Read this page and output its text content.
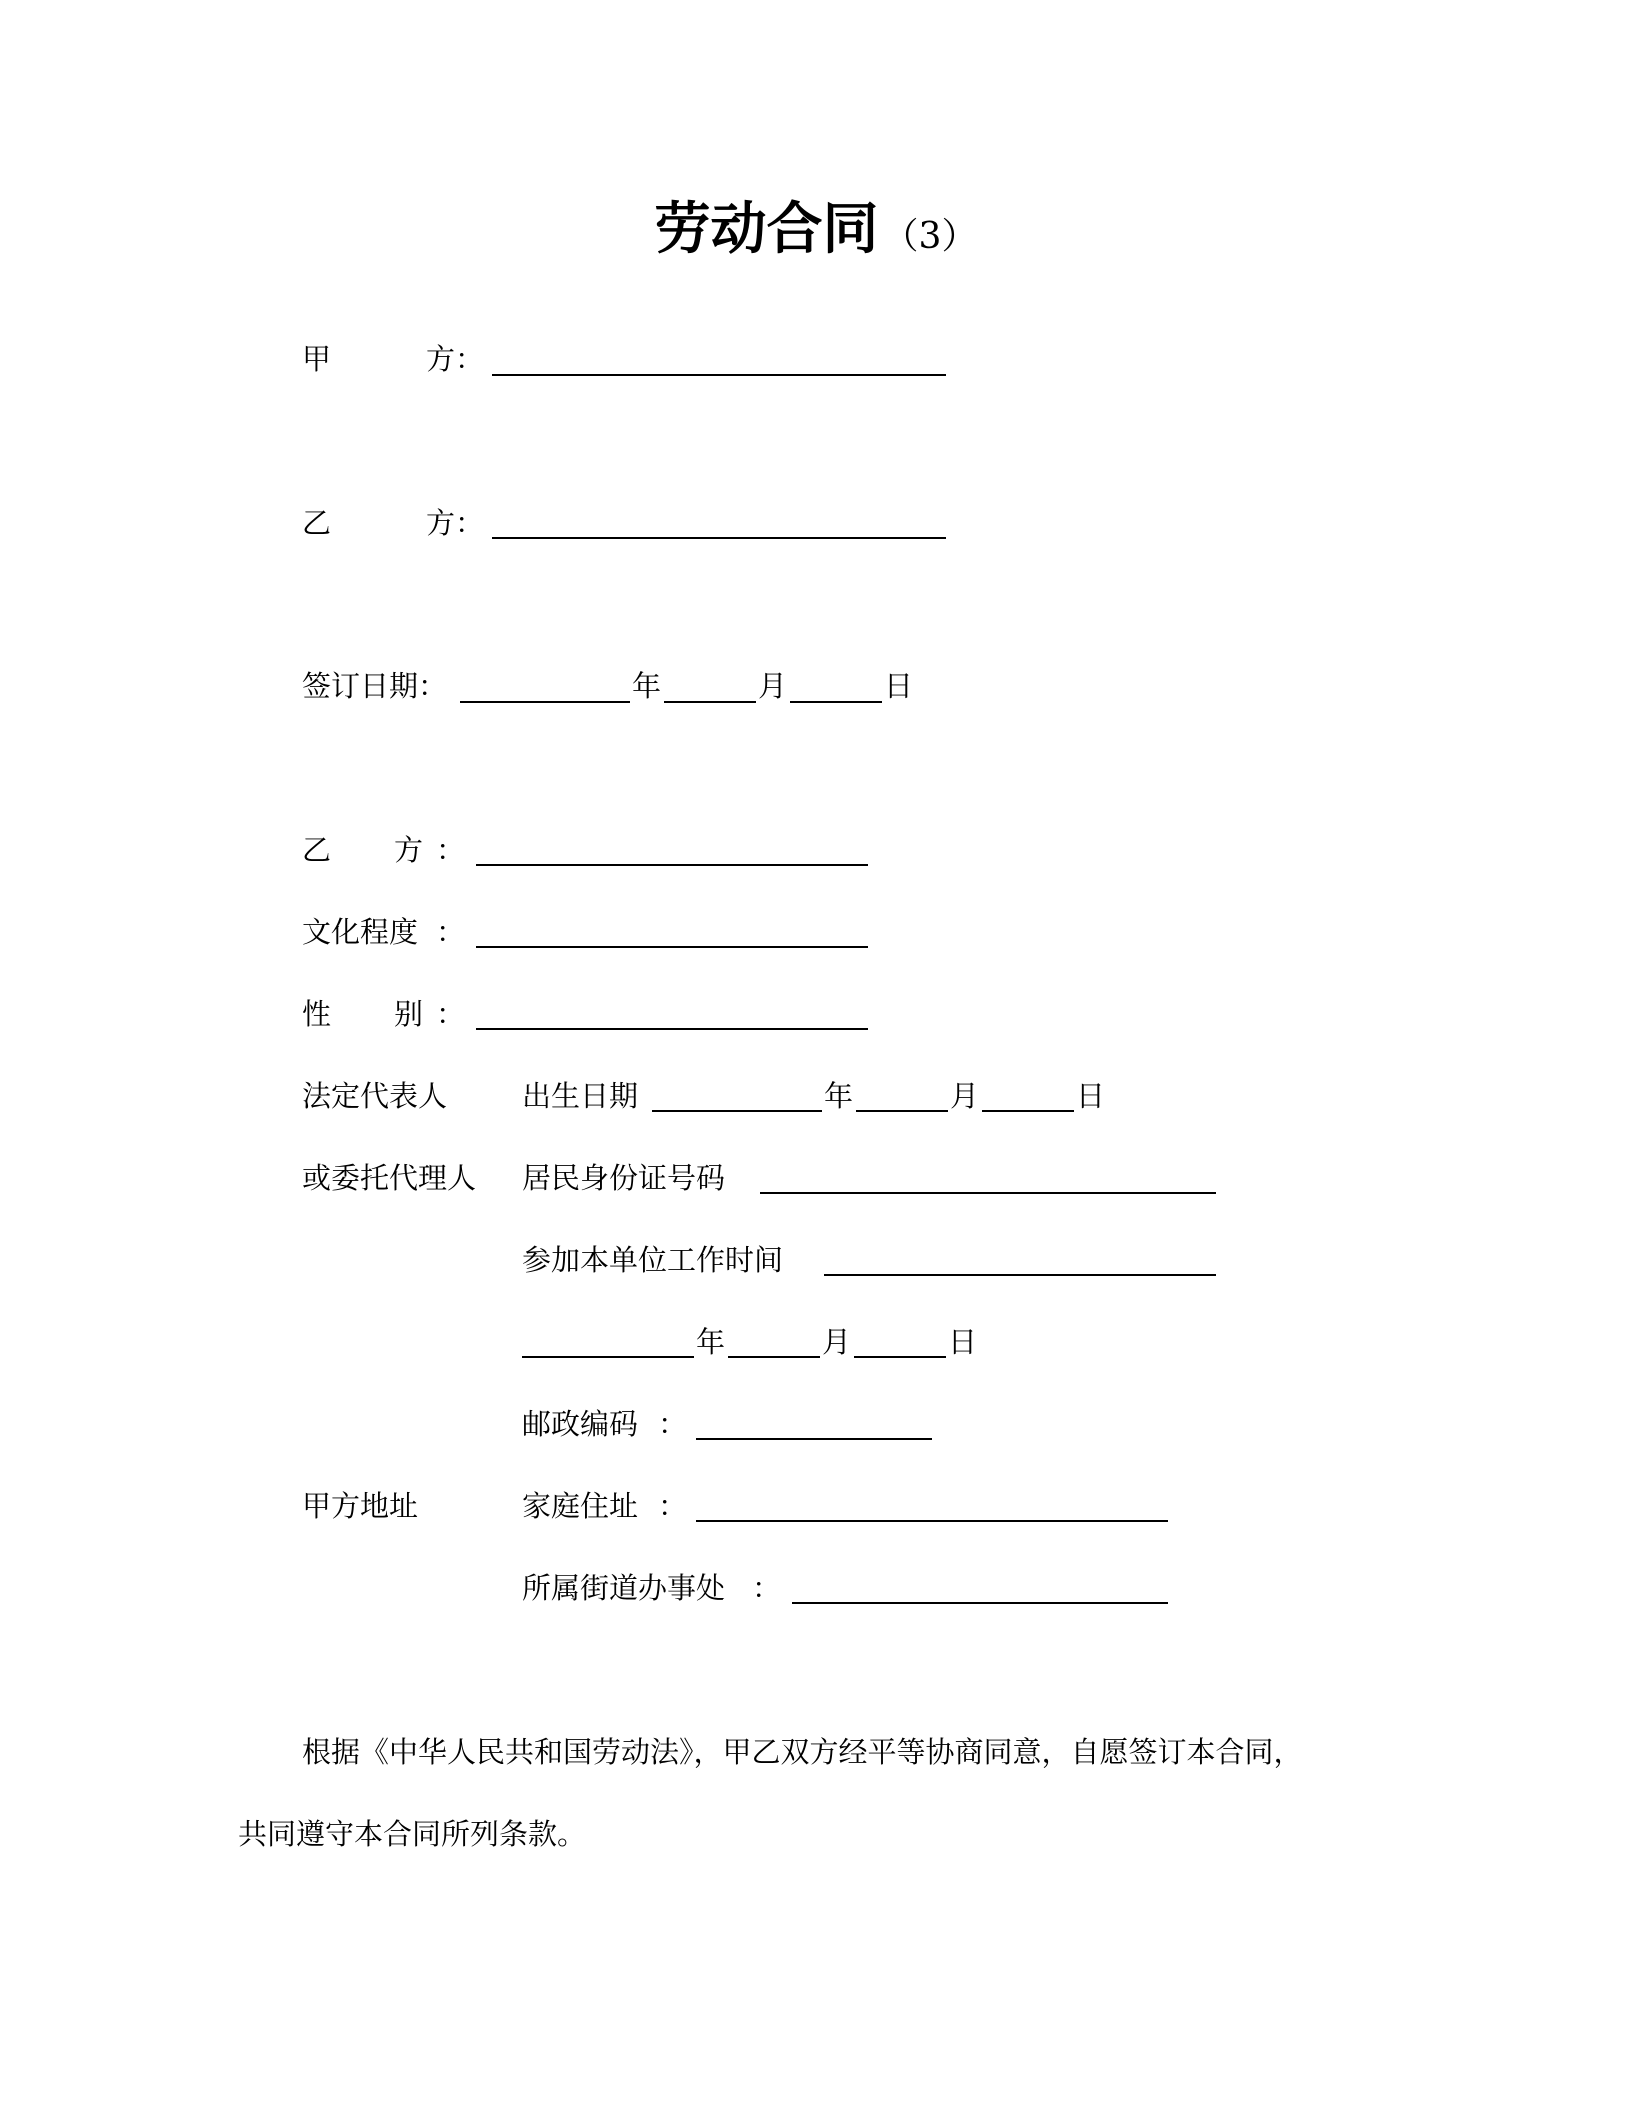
劳动合同 （3）
甲	方：
乙	方：
签订日期：	年	月	日
乙 方 ：
文化程度 ：
性 别 ：
法定代表人	出生日期	年	月	日
或委托代理人 居民身份证号码
参加本单位工作时间
年	月	日
邮政编码 ：
甲方地址	家庭住址 ：
所属街道办事处 ：
根据《中华人民共和国劳动法》，甲乙双方经平等协商同意，自愿签订本合同，
共同遵守本合同所列条款。
